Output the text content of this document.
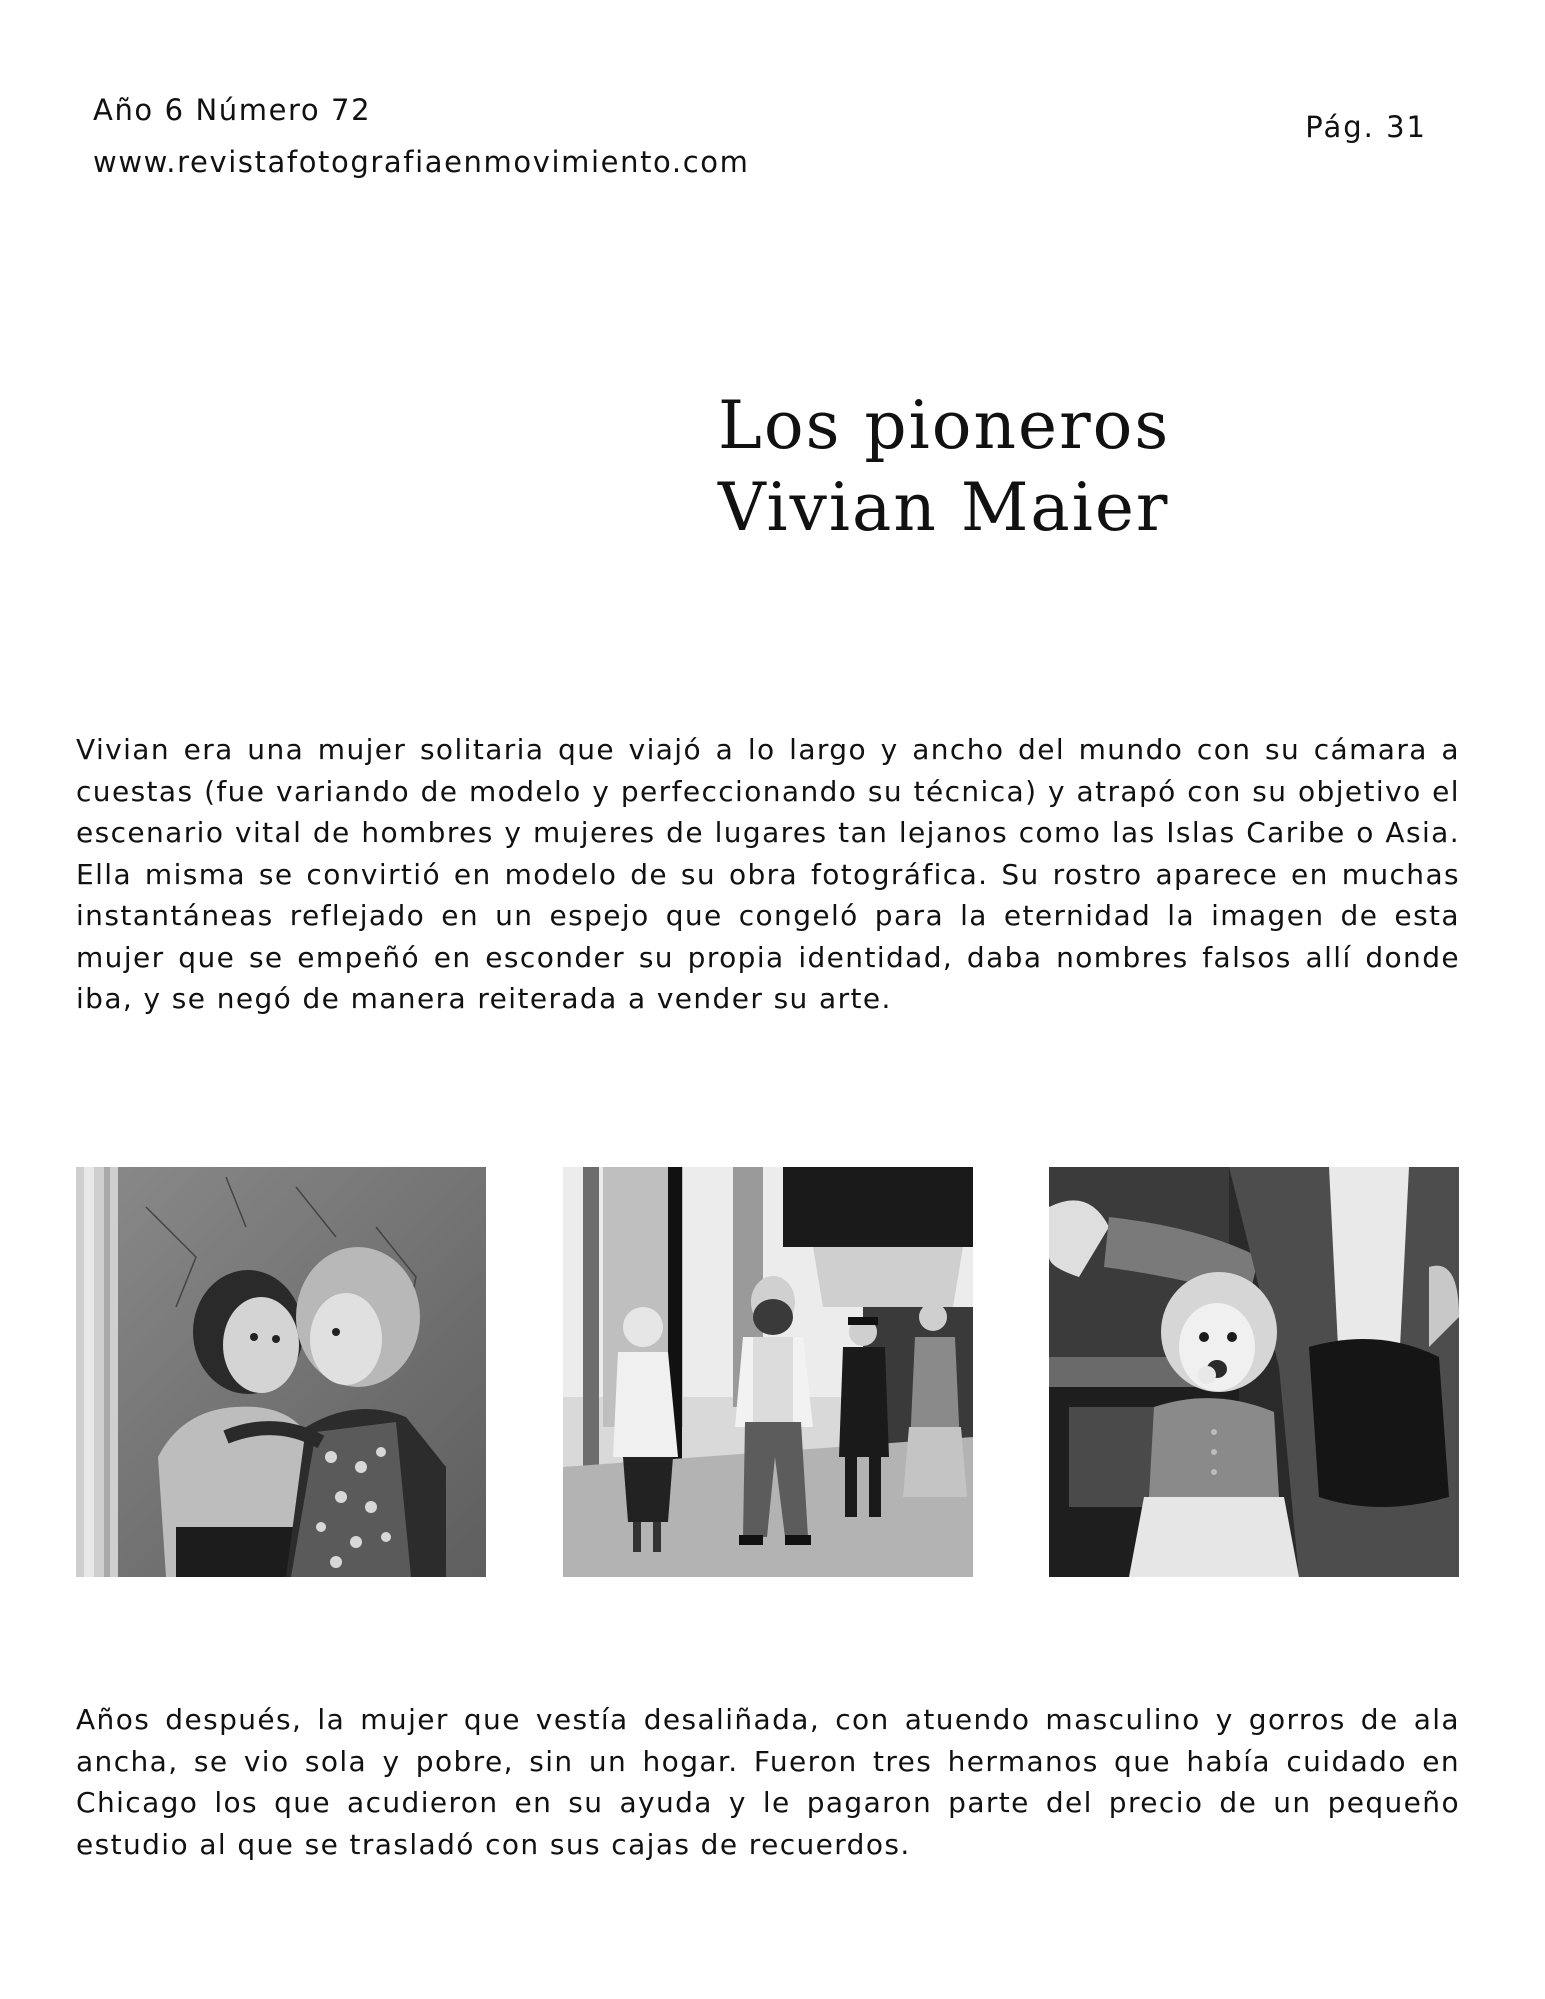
Año 6 Número 72
www.revistafotografiaenmovimiento.com
Pág. 31
Los pioneros
Vivian Maier

Vivian era una mujer solitaria que viajó a lo largo y ancho del mundo con su cámara a cuestas (fue variando de modelo y perfeccionando su técnica) y atrapó con su objetivo el escenario vital de hombres y mujeres de lugares tan lejanos como las Islas Caribe o Asia. Ella misma se convirtió en modelo de su obra fotográfica. Su rostro aparece en muchas instantáneas reflejado en un espejo que congeló para la eternidad la imagen de esta mujer que se empeñó en esconder su propia identidad, daba nombres falsos allí donde iba, y se negó de manera reiterada a vender su arte.

Años después, la mujer que vestía desaliñada, con atuendo masculino y gorros de ala ancha, se vio sola y pobre, sin un hogar. Fueron tres hermanos que había cuidado en Chicago los que acudieron en su ayuda y le pagaron parte del precio de un pequeño estudio al que se trasladó con sus cajas de recuerdos.
